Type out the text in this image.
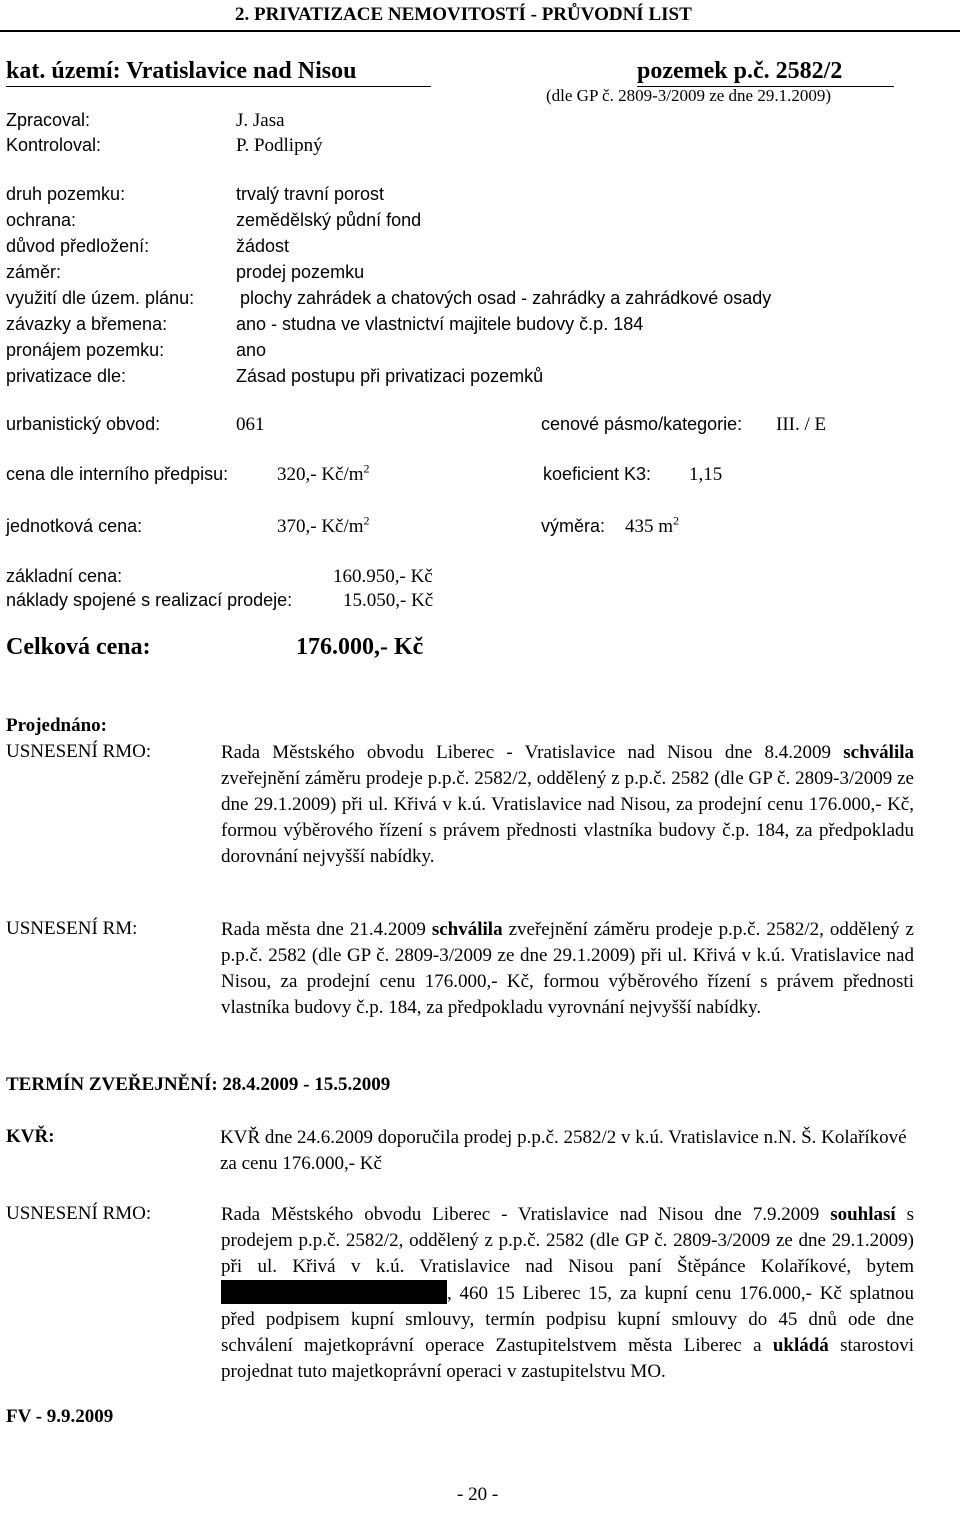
2. PRIVATIZACE NEMOVITOSTÍ - PRŮVODNÍ LIST
kat. území: Vratislavice nad Nisou	pozemek p.č. 2582/2
(dle GP č. 2809-3/2009 ze dne 29.1.2009)
Zpracoval:	J. Jasa
Kontroloval:	P. Podlipný
druh pozemku:	trvalý travní porost
ochrana:	zemědělský půdní fond
důvod předložení:	žádost
záměr:	prodej pozemku
využití dle územ. plánu:	plochy zahrádek a chatových osad - zahrádky a zahrádkové osady
závazky a břemena:	ano - studna ve vlastnictví majitele budovy č.p. 184
pronájem pozemku:	ano
privatizace dle:	Zásad postupu při privatizaci pozemků
urbanistický obvod:	061	cenové pásmo/kategorie: III. / E
cena dle interního předpisu:	320,- $Kč/m^2$	koeficient K3: 1,15
jednotková cena:	370,- $Kč/m^2$	výměra: 435 $m^2$
základní cena:	160.950,- Kč
náklady spojené s realizací prodeje:	15.050,- Kč
Celková cena:	176.000,- Kč
Projednáno:
USNESENÍ RMO:	Rada Městského obvodu Liberec - Vratislavice nad Nisou dne 8.4.2009 schválila zveřejnění záměru prodeje p.p.č. 2582/2, oddělený z p.p.č. 2582 (dle GP č. 2809-3/2009 ze dne 29.1.2009) při ul. Křivá v k.ú. Vratislavice nad Nisou, za prodejní cenu 176.000,- Kč, formou výběrového řízení s právem přednosti vlastníka budovy č.p. 184, za předpokladu dorovnání nejvyšší nabídky.
USNESENÍ RM:	Rada města dne 21.4.2009 schválila zveřejnění záměru prodeje p.p.č. 2582/2, oddělený z p.p.č. 2582 (dle GP č. 2809-3/2009 ze dne 29.1.2009) při ul. Křivá v k.ú. Vratislavice nad Nisou, za prodejní cenu 176.000,- Kč, formou výběrového řízení s právem přednosti vlastníka budovy č.p. 184, za předpokladu vyrovnání nejvyšší nabídky.
TERMÍN ZVEŘEJNĚNÍ: 28.4.2009 - 15.5.2009
KVŘ:	KVŘ dne 24.6.2009 doporučila prodej p.p.č. 2582/2 v k.ú. Vratislavice n.N. Š. Kolaříkové za cenu 176.000,- Kč
USNESENÍ RMO:	Rada Městského obvodu Liberec - Vratislavice nad Nisou dne 7.9.2009 souhlasí s prodejem p.p.č. 2582/2, oddělený z p.p.č. 2582 (dle GP č. 2809-3/2009 ze dne 29.1.2009) při ul. Křivá v k.ú. Vratislavice nad Nisou paní Štěpánce Kolaříkové, bytem , 460 15 Liberec 15, za kupní cenu 176.000,- Kč splatnou před podpisem kupní smlouvy, termín podpisu kupní smlouvy do 45 dnů ode dne schválení majetkoprávní operace Zastupitelstvem města Liberec a ukládá starostovi projednat tuto majetkoprávní operaci v zastupitelstvu MO.
FV - 9.9.2009
- 20 -
